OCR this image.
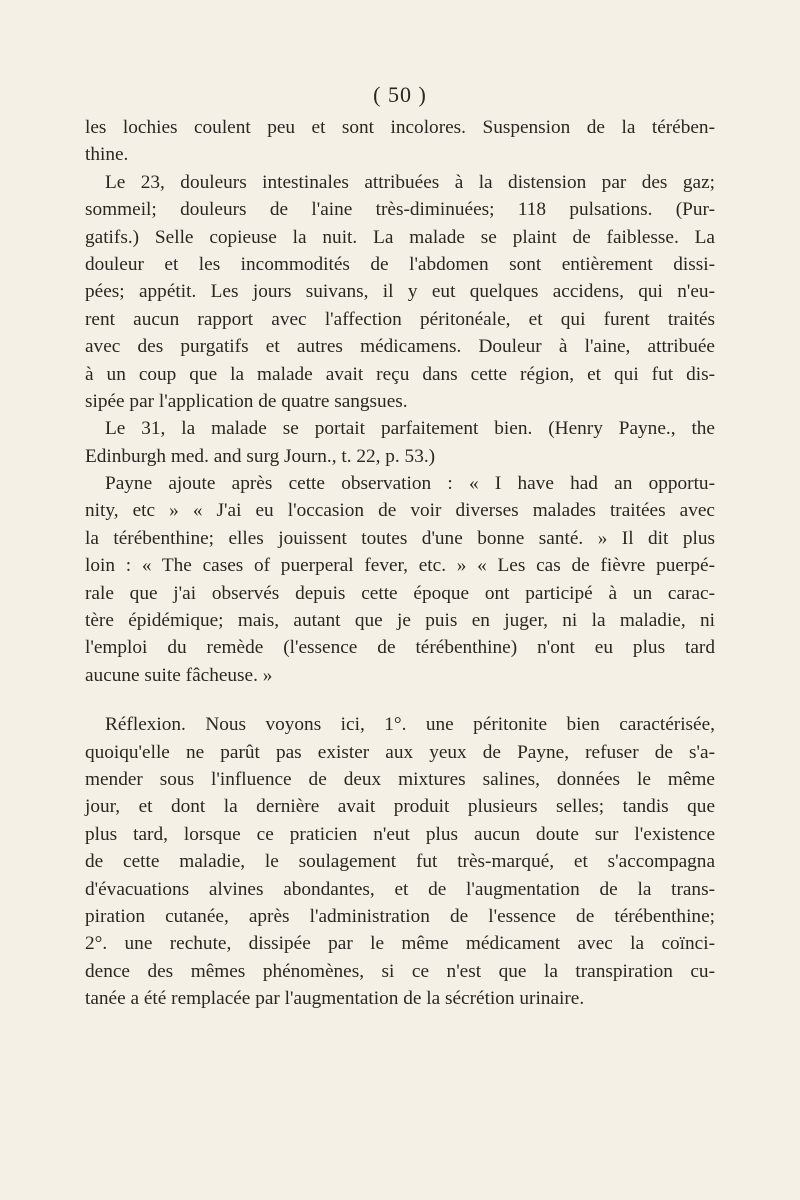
( 50 )
les lochies coulent peu et sont incolores. Suspension de la térében-
thine.
Le 23, douleurs intestinales attribuées à la distension par des gaz;
sommeil; douleurs de l'aine très-diminuées; 118 pulsations. (Pur-
gatifs.) Selle copieuse la nuit. La malade se plaint de faiblesse. La
douleur et les incommodités de l'abdomen sont entièrement dissi-
pées; appétit. Les jours suivans, il y eut quelques accidens, qui n'eu-
rent aucun rapport avec l'affection péritonéale, et qui furent traités
avec des purgatifs et autres médicamens. Douleur à l'aine, attribuée
à un coup que la malade avait reçu dans cette région, et qui fut dis-
sipée par l'application de quatre sangsues.
Le 31, la malade se portait parfaitement bien. (Henry Payne., the
Edinburgh med. and surg Journ., t. 22, p. 53.)
Payne ajoute après cette observation : « I have had an opportu-
nity, etc » « J'ai eu l'occasion de voir diverses malades traitées avec
la térébenthine; elles jouissent toutes d'une bonne santé. » Il dit plus
loin : « The cases of puerperal fever, etc. » « Les cas de fièvre puerpé-
rale que j'ai observés depuis cette époque ont participé à un carac-
tère épidémique; mais, autant que je puis en juger, ni la maladie, ni
l'emploi du remède (l'essence de térébenthine) n'ont eu plus tard
aucune suite fâcheuse. »
Réflexion. Nous voyons ici, 1°. une péritonite bien caractérisée,
quoiqu'elle ne parût pas exister aux yeux de Payne, refuser de s'a-
mender sous l'influence de deux mixtures salines, données le même
jour, et dont la dernière avait produit plusieurs selles; tandis que
plus tard, lorsque ce praticien n'eut plus aucun doute sur l'existence
de cette maladie, le soulagement fut très-marqué, et s'accompagna
d'évacuations alvines abondantes, et de l'augmentation de la trans-
piration cutanée, après l'administration de l'essence de térébenthine;
2°. une rechute, dissipée par le même médicament avec la coïnci-
dence des mêmes phénomènes, si ce n'est que la transpiration cu-
tanée a été remplacée par l'augmentation de la sécrétion urinaire.
